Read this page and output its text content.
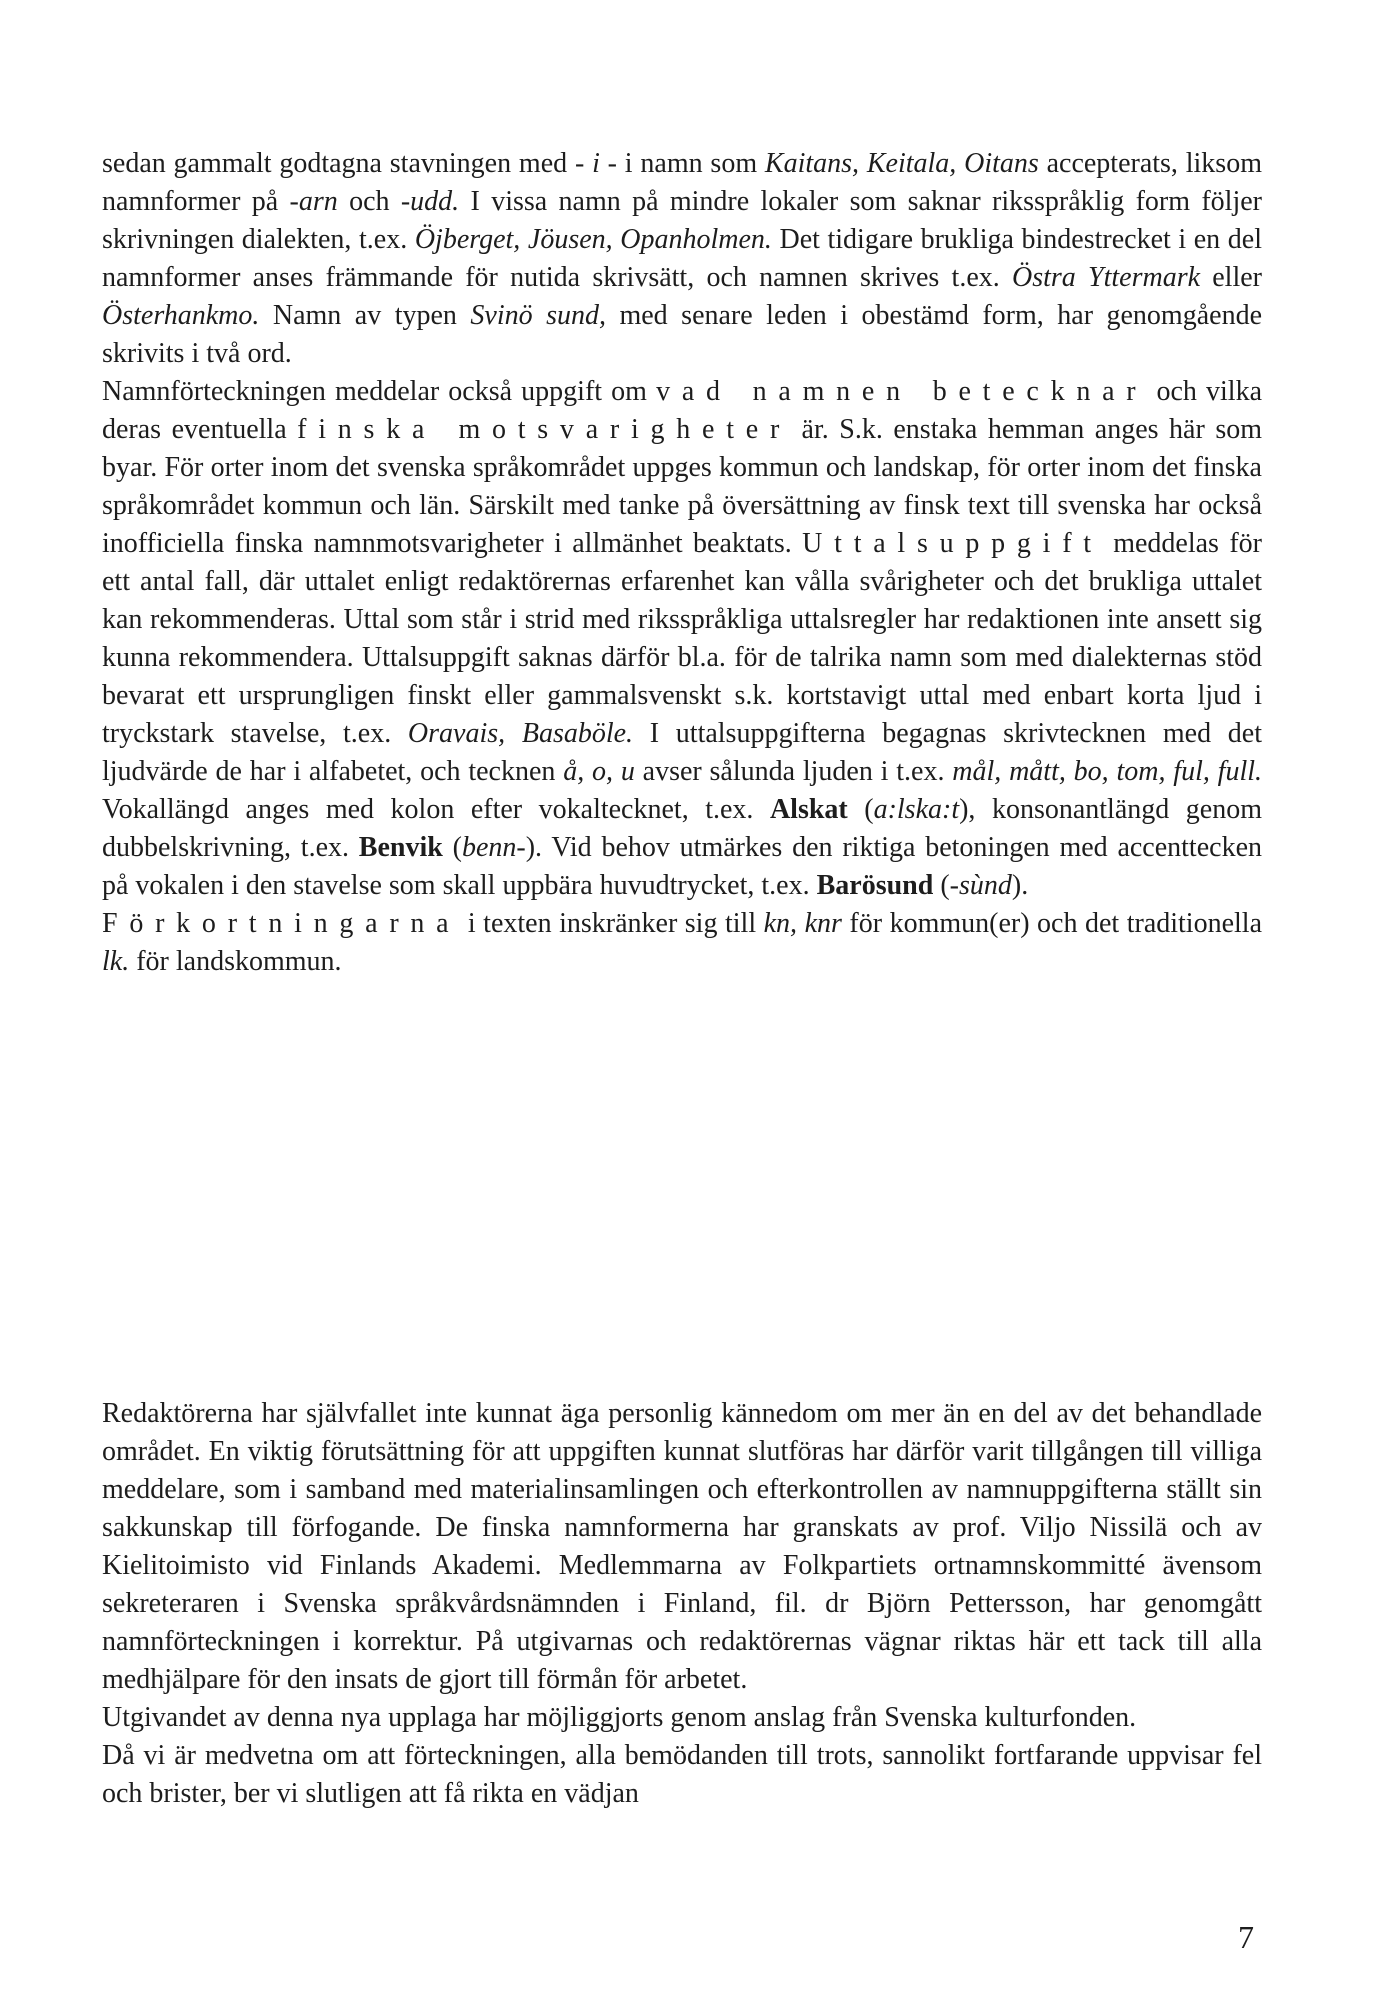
sedan gammalt godtagna stavningen med - i - i namn som Kaitans, Keitala, Oitans accepterats, liksom namnformer på -arn och -udd. I vissa namn på mindre lokaler som saknar riksspråklig form följer skrivningen dialekten, t.ex. Öjberget, Jöusen, Opanholmen. Det tidigare brukliga bindestrecket i en del namnformer anses främmande för nutida skrivsätt, och namnen skrives t.ex. Östra Yttermark eller Österhankmo. Namn av typen Svinö sund, med senare leden i obestämd form, har genomgående skrivits i två ord.

Namnförteckningen meddelar också uppgift om vad namnen betecknar och vilka deras eventuella finska motsvarigheter är. S.k. enstaka hemman anges här som byar. För orter inom det svenska språkområdet uppges kommun och landskap, för orter inom det finska språkområdet kommun och län. Särskilt med tanke på översättning av finsk text till svenska har också inofficiella finska namnmotsvarigheter i allmänhet beaktats. Uttalsuppgift meddelas för ett antal fall, där uttalet enligt redaktörernas erfarenhet kan vålla svårigheter och det brukliga uttalet kan rekommenderas. Uttal som står i strid med riksspråkliga uttalsregler har redaktionen inte ansett sig kunna rekommendera. Uttalsuppgift saknas därför bl.a. för de talrika namn som med dialekternas stöd bevarat ett ursprungligen finskt eller gammalsvenskt s.k. kortstavigt uttal med enbart korta ljud i tryckstark stavelse, t.ex. Oravais, Basaböle. I uttalsuppgifterna begagnas skrivtecknen med det ljudvärde de har i alfabetet, och tecknen å, o, u avser sålunda ljuden i t.ex. mål, mått, bo, tom, ful, full. Vokallängd anges med kolon efter vokaltecknet, t.ex. Alskat (a:lska:t), konsonantlängd genom dubbelskrivning, t.ex. Benvik (benn-). Vid behov utmärkes den riktiga betoningen med accenttecken på vokalen i den stavelse som skall uppbära huvudtrycket, t.ex. Barösund (-sùnd).

Förkortningarna i texten inskränker sig till kn, knr för kommun(er) och det traditionella lk. för landskommun.

Redaktörerna har självfallet inte kunnat äga personlig kännedom om mer än en del av det behandlade området. En viktig förutsättning för att uppgiften kunnat slutföras har därför varit tillgången till villiga meddelare, som i samband med materialinsamlingen och efterkontrollen av namnuppgifterna ställt sin sakkunskap till förfogande. De finska namnformerna har granskats av prof. Viljo Nissilä och av Kielitoimisto vid Finlands Akademi. Medlemmarna av Folkpartiets ortnamnskommitté ävensom sekreteraren i Svenska språkvårdsnämnden i Finland, fil. dr Björn Pettersson, har genomgått namnförteckningen i korrektur. På utgivarnas och redaktörernas vägnar riktas här ett tack till alla medhjälpare för den insats de gjort till förmån för arbetet.

Utgivandet av denna nya upplaga har möjliggjorts genom anslag från Svenska kulturfonden.

Då vi är medvetna om att förteckningen, alla bemödanden till trots, sannolikt fortfarande uppvisar fel och brister, ber vi slutligen att få rikta en vädjan

7
